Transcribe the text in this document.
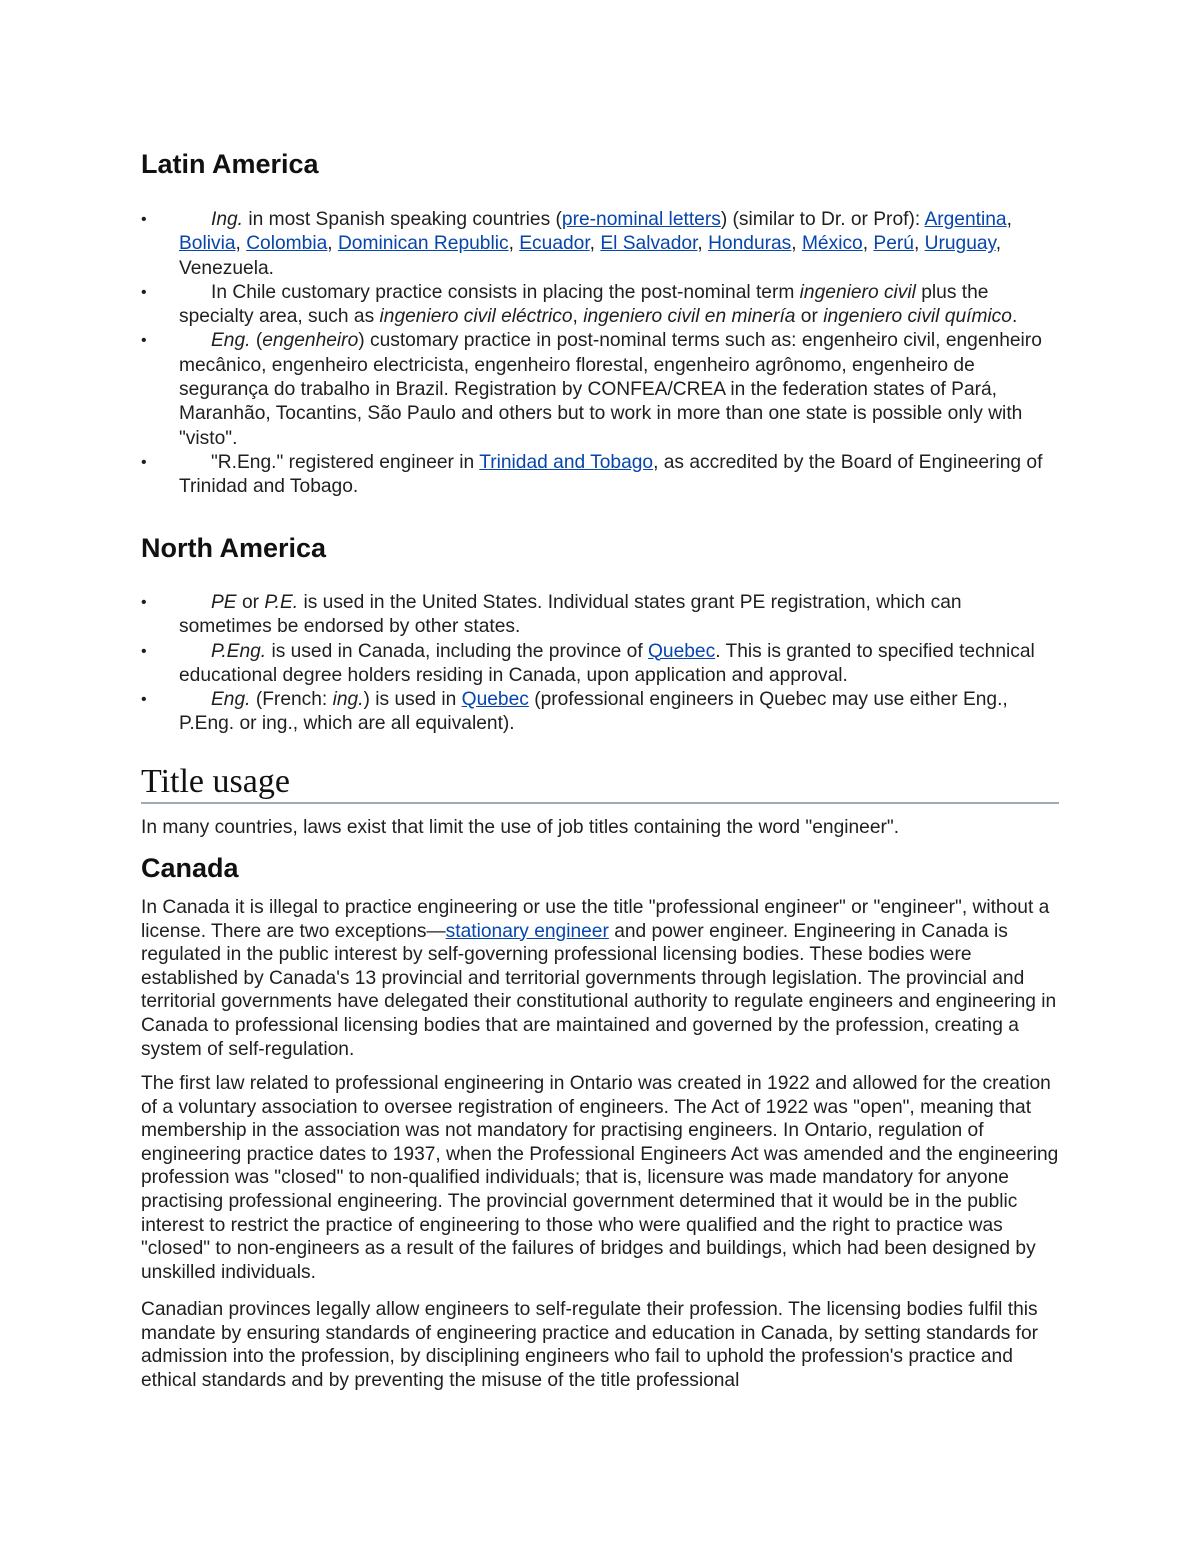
Latin America
•	Ing. in most Spanish speaking countries (pre-nominal letters) (similar to Dr. or Prof): Argentina, Bolivia, Colombia, Dominican Republic, Ecuador, El Salvador, Honduras, México, Perú, Uruguay, Venezuela.
•	In Chile customary practice consists in placing the post-nominal term ingeniero civil plus the specialty area, such as ingeniero civil eléctrico, ingeniero civil en minería or ingeniero civil químico.
•	Eng. (engenheiro) customary practice in post-nominal terms such as: engenheiro civil, engenheiro mecânico, engenheiro electricista, engenheiro florestal, engenheiro agrônomo, engenheiro de segurança do trabalho in Brazil. Registration by CONFEA/CREA in the federation states of Pará, Maranhão, Tocantins, São Paulo and others but to work in more than one state is possible only with "visto".
•	"R.Eng." registered engineer in Trinidad and Tobago, as accredited by the Board of Engineering of Trinidad and Tobago.
North America
•	PE or P.E. is used in the United States. Individual states grant PE registration, which can sometimes be endorsed by other states.
•	P.Eng. is used in Canada, including the province of Quebec. This is granted to specified technical educational degree holders residing in Canada, upon application and approval.
•	Eng. (French: ing.) is used in Quebec (professional engineers in Quebec may use either Eng., P.Eng. or ing., which are all equivalent).
Title usage

In many countries, laws exist that limit the use of job titles containing the word "engineer".

Canada

In Canada it is illegal to practice engineering or use the title "professional engineer" or "engineer", without a license. There are two exceptions—stationary engineer and power engineer. Engineering in Canada is regulated in the public interest by self-governing professional licensing bodies. These bodies were established by Canada's 13 provincial and territorial governments through legislation. The provincial and territorial governments have delegated their constitutional authority to regulate engineers and engineering in Canada to professional licensing bodies that are maintained and governed by the profession, creating a system of self-regulation.

The first law related to professional engineering in Ontario was created in 1922 and allowed for the creation of a voluntary association to oversee registration of engineers. The Act of 1922 was "open", meaning that membership in the association was not mandatory for practising engineers. In Ontario, regulation of engineering practice dates to 1937, when the Professional Engineers Act was amended and the engineering profession was "closed" to non-qualified individuals; that is, licensure was made mandatory for anyone practising professional engineering. The provincial government determined that it would be in the public interest to restrict the practice of engineering to those who were qualified and the right to practice was "closed" to non-engineers as a result of the failures of bridges and buildings, which had been designed by unskilled individuals.

Canadian provinces legally allow engineers to self-regulate their profession. The licensing bodies fulfil this mandate by ensuring standards of engineering practice and education in Canada, by setting standards for admission into the profession, by disciplining engineers who fail to uphold the profession's practice and ethical standards and by preventing the misuse of the title professional
